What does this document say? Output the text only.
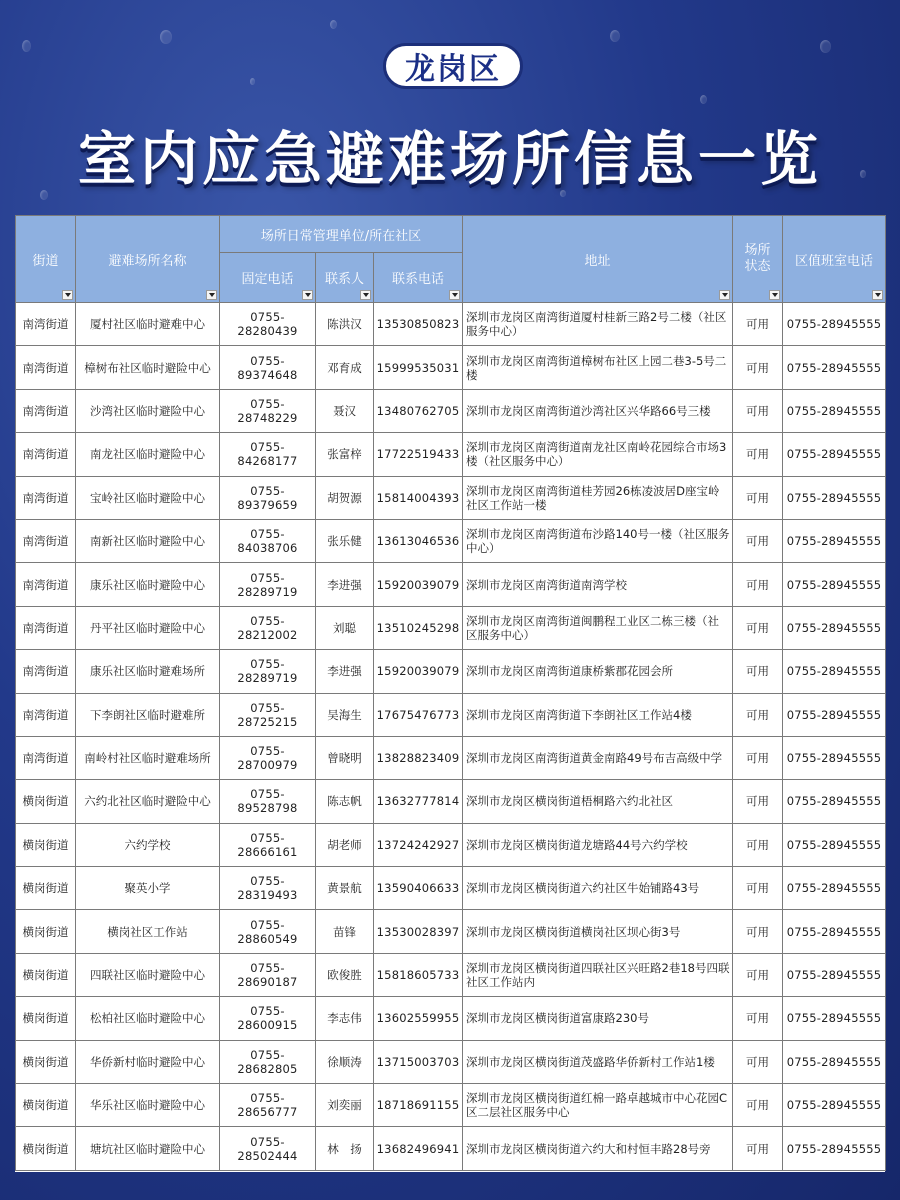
龙岗区
室内应急避难场所信息一览
街道	避难场所名称	场所日常管理单位/所在社区			地址	场所状态	区值班室电话

		固定电话	联系人	联系电话			

南湾街道	厦村社区临时避难中心	0755-28280439	陈洪汉	13530850823	深圳市龙岗区南湾街道厦村桂新三路2号二楼（社区服务中心）	可用	0755-28945555
南湾街道	樟树布社区临时避险中心	0755-89374648	邓育成	15999535031	深圳市龙岗区南湾街道樟树布社区上园二巷3-5号二楼	可用	0755-28945555
南湾街道	沙湾社区临时避险中心	0755-28748229	聂汉	13480762705	深圳市龙岗区南湾街道沙湾社区兴华路66号三楼	可用	0755-28945555
南湾街道	南龙社区临时避险中心	0755-84268177	张富梓	17722519433	深圳市龙岗区南湾街道南龙社区南岭花园综合市场3楼（社区服务中心）	可用	0755-28945555
南湾街道	宝岭社区临时避险中心	0755-89379659	胡贺源	15814004393	深圳市龙岗区南湾街道桂芳园26栋凌波居D座宝岭社区工作站一楼	可用	0755-28945555
南湾街道	南新社区临时避险中心	0755-84038706	张乐健	13613046536	深圳市龙岗区南湾街道布沙路140号一楼（社区服务中心）	可用	0755-28945555
南湾街道	康乐社区临时避险中心	0755-28289719	李进强	15920039079	深圳市龙岗区南湾街道南湾学校	可用	0755-28945555
南湾街道	丹平社区临时避险中心	0755-28212002	刘聪	13510245298	深圳市龙岗区南湾街道闽鹏程工业区二栋三楼（社区服务中心）	可用	0755-28945555
南湾街道	康乐社区临时避难场所	0755-28289719	李进强	15920039079	深圳市龙岗区南湾街道康桥紫郡花园会所	可用	0755-28945555
南湾街道	下李朗社区临时避难所	0755-28725215	吴海生	17675476773	深圳市龙岗区南湾街道下李朗社区工作站4楼	可用	0755-28945555
南湾街道	南岭村社区临时避难场所	0755-28700979	曾晓明	13828823409	深圳市龙岗区南湾街道黄金南路49号布吉高级中学	可用	0755-28945555
横岗街道	六约北社区临时避险中心	0755-89528798	陈志帆	13632777814	深圳市龙岗区横岗街道梧桐路六约北社区	可用	0755-28945555
横岗街道	六约学校	0755-28666161	胡老师	13724242927	深圳市龙岗区横岗街道龙塘路44号六约学校	可用	0755-28945555
横岗街道	聚英小学	0755-28319493	黄景航	13590406633	深圳市龙岗区横岗街道六约社区牛始铺路43号	可用	0755-28945555
横岗街道	横岗社区工作站	0755-28860549	苗锋	13530028397	深圳市龙岗区横岗街道横岗社区坝心街3号	可用	0755-28945555
横岗街道	四联社区临时避险中心	0755-28690187	欧俊胜	15818605733	深圳市龙岗区横岗街道四联社区兴旺路2巷18号四联社区工作站内	可用	0755-28945555
横岗街道	松柏社区临时避险中心	0755-28600915	李志伟	13602559955	深圳市龙岗区横岗街道富康路230号	可用	0755-28945555
横岗街道	华侨新村临时避险中心	0755-28682805	徐顺涛	13715003703	深圳市龙岗区横岗街道茂盛路华侨新村工作站1楼	可用	0755-28945555
横岗街道	华乐社区临时避险中心	0755-28656777	刘奕丽	18718691155	深圳市龙岗区横岗街道红棉一路卓越城市中心花园C区二层社区服务中心	可用	0755-28945555
横岗街道	塘坑社区临时避险中心	0755-28502444	林　扬	13682496941	深圳市龙岗区横岗街道六约大和村恒丰路28号旁	可用	0755-28945555
